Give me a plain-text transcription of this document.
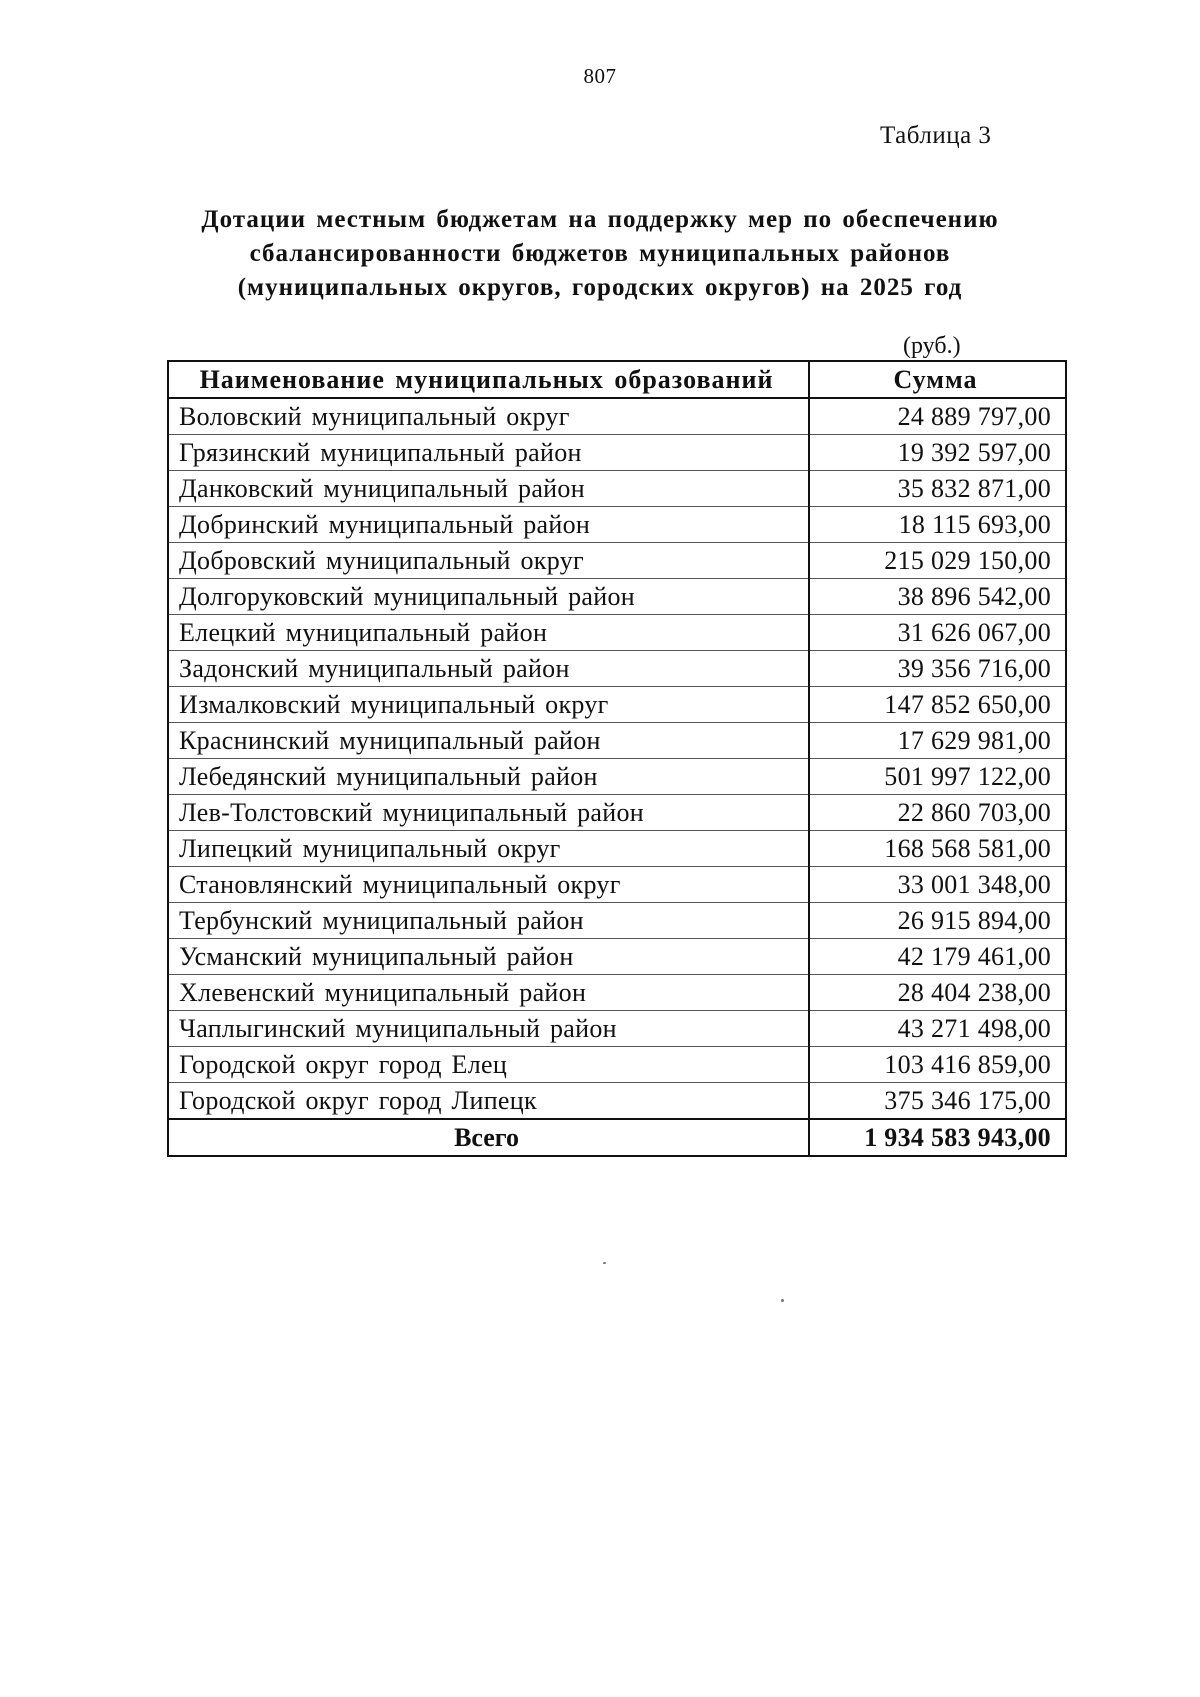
807
Таблица 3
Дотации местным бюджетам на поддержку мер по обеспечению
сбалансированности бюджетов муниципальных районов
(муниципальных округов, городских округов) на 2025 год
(руб.)
Наименование муниципальных образований	Сумма
Воловский муниципальный округ	24 889 797,00
Грязинский муниципальный район	19 392 597,00
Данковский муниципальный район	35 832 871,00
Добринский муниципальный район	18 115 693,00
Добровский муниципальный округ	215 029 150,00
Долгоруковский муниципальный район	38 896 542,00
Елецкий муниципальный район	31 626 067,00
Задонский муниципальный район	39 356 716,00
Измалковский муниципальный округ	147 852 650,00
Краснинский муниципальный район	17 629 981,00
Лебедянский муниципальный район	501 997 122,00
Лев-Толстовский муниципальный район	22 860 703,00
Липецкий муниципальный округ	168 568 581,00
Становлянский муниципальный округ	33 001 348,00
Тербунский муниципальный район	26 915 894,00
Усманский муниципальный район	42 179 461,00
Хлевенский муниципальный район	28 404 238,00
Чаплыгинский муниципальный район	43 271 498,00
Городской округ город Елец	103 416 859,00
Городской округ город Липецк	375 346 175,00
Всего	1 934 583 943,00
